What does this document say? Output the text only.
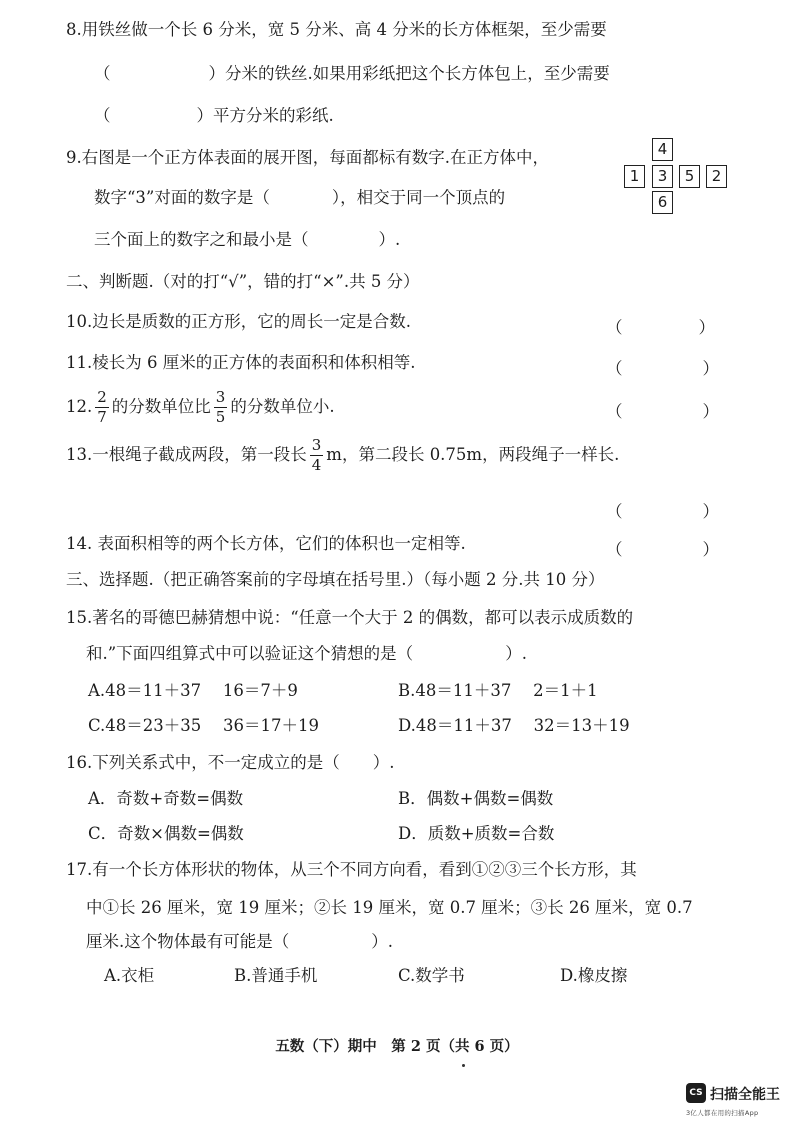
8.用铁丝做一个长 6 分米，宽 5 分米、高 4 分米的长方体框架，至少需要
（	）分米的铁丝.如果用彩纸把这个长方体包上，至少需要
（	）平方分米的彩纸.
9.右图是一个正方体表面的展开图，每面都标有数字.在正方体中，
数字“3”对面的数字是（	），相交于同一个顶点的
三个面上的数字之和最小是（	）.
4
1	3	5	2
6
二、判断题.（对的打“√”，错的打“×”.共 5 分）
10.边长是质数的正方形，它的周长一定是合数.	（	）
11.棱长为 6 厘米的正方体的表面积和体积相等.	（	）
12. $\frac{2}{7}$ 的分数单位比 $\frac{3}{5}$ 的分数单位小.	（	）
13.一根绳子截成两段，第一段长 $\frac{3}{4}$ m，第二段长 0.75m，两段绳子一样长.
（	）
14. 表面积相等的两个长方体，它们的体积也一定相等.	（	）
三、选择题.（把正确答案前的字母填在括号里.）（每小题 2 分.共 10 分）
15.著名的哥德巴赫猜想中说：“任意一个大于 2 的偶数，都可以表示成质数的
和.”下面四组算式中可以验证这个猜想的是（	）.
A.48＝11＋37　 16＝7＋9	B.48＝11＋37　 2＝1＋1
C.48＝23＋35　 36＝17＋19	D.48＝11＋37　 32＝13＋19
16.下列关系式中，不一定成立的是（　　）.
A．奇数+奇数=偶数	B．偶数+偶数=偶数
C．奇数×偶数=偶数	D．质数+质数=合数
17.有一个长方体形状的物体，从三个不同方向看，看到①②③三个长方形，其
中①长 26 厘米，宽 19 厘米；②长 19 厘米，宽 0.7 厘米；③长 26 厘米，宽 0.7
厘米.这个物体最有可能是（	）.
A.衣柜	B.普通手机	C.数学书	D.橡皮擦
五数（下）期中　第 2 页（共 6 页）
CS 扫描全能王
3亿人都在用的扫描App
